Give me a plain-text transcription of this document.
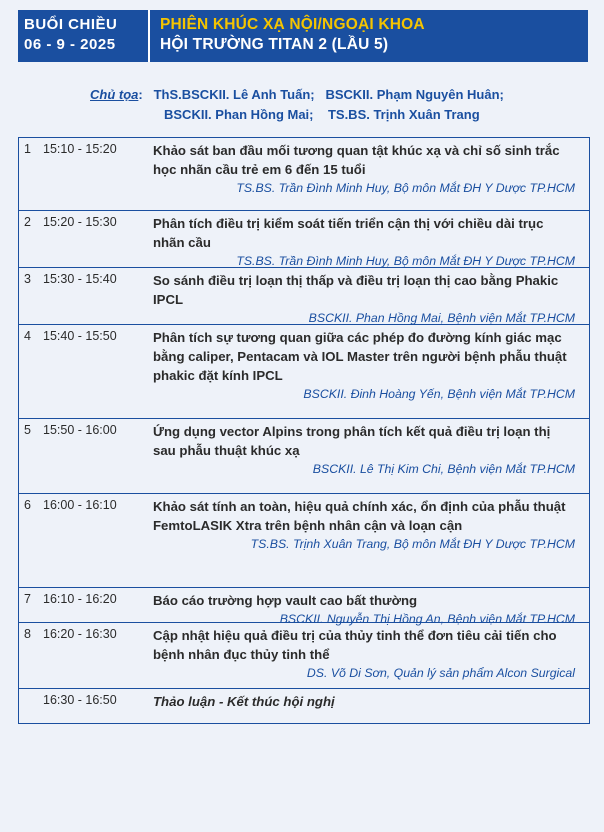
BUỔI CHIỀU
06 - 9 - 2025
PHIÊN KHÚC XẠ NỘI/NGOẠI KHOA
HỘI TRƯỜNG TITAN 2 (LẦU 5)
Chủ tọa:   ThS.BSCKII. Lê Anh Tuấn; BSCKII. Phạm Nguyên Huân;
BSCKII. Phan Hồng Mai; TS.BS. Trịnh Xuân Trang
1 15:10 - 15:20	Khảo sát ban đầu mối tương quan tật khúc xạ và chỉ số sinh trắc học nhãn cầu trẻ em 6 đến 15 tuổi
TS.BS. Trần Đình Minh Huy, Bộ môn Mắt ĐH Y Dược TP.HCM
2 15:20 - 15:30	Phân tích điều trị kiểm soát tiến triển cận thị với chiều dài trục nhãn cầu
TS.BS. Trần Đình Minh Huy, Bộ môn Mắt ĐH Y Dược TP.HCM
3 15:30 - 15:40	So sánh điều trị loạn thị thấp và điều trị loạn thị cao bằng Phakic IPCL
BSCKII. Phan Hồng Mai, Bệnh viện Mắt TP.HCM
4 15:40 - 15:50	Phân tích sự tương quan giữa các phép đo đường kính giác mạc bằng caliper, Pentacam và IOL Master trên người bệnh phẫu thuật phakic đặt kính IPCL
BSCKII. Đinh Hoàng Yến, Bệnh viện Mắt TP.HCM
5 15:50 - 16:00	Ứng dụng vector Alpins trong phân tích kết quả điều trị loạn thị sau phẫu thuật khúc xạ
BSCKII. Lê Thị Kim Chi, Bệnh viện Mắt TP.HCM
6 16:00 - 16:10	Khảo sát tính an toàn, hiệu quả chính xác, ổn định của phẫu thuật FemtoLASIK Xtra trên bệnh nhân cận và loạn cận
TS.BS. Trịnh Xuân Trang, Bộ môn Mắt ĐH Y Dược TP.HCM
7 16:10 - 16:20	Báo cáo trường hợp vault cao bất thường
BSCKII. Nguyễn Thị Hồng An, Bệnh viện Mắt TP.HCM
8 16:20 - 16:30	Cập nhật hiệu quả điều trị của thủy tinh thể đơn tiêu cải tiến cho bệnh nhân đục thủy tinh thể
DS. Võ Di Sơn, Quản lý sản phẩm Alcon Surgical
16:30 - 16:50	Thảo luận - Kết thúc hội nghị
